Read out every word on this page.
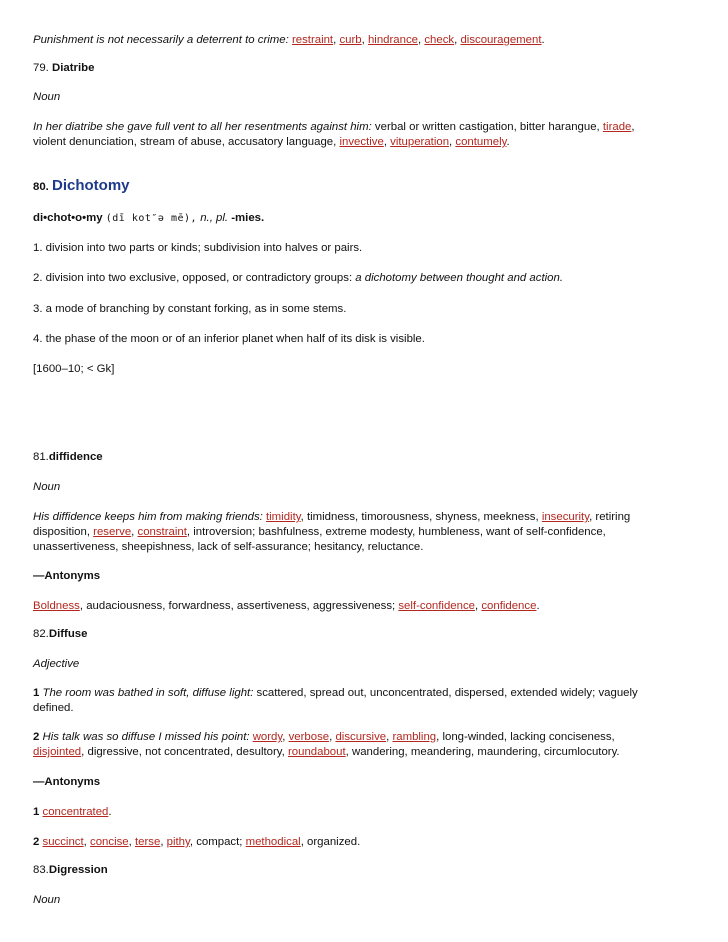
Punishment is not necessarily a deterrent to crime: restraint, curb, hindrance, check, discouragement.
79. Diatribe
Noun
In her diatribe she gave full vent to all her resentments against him: verbal or written castigation, bitter harangue, tirade,
violent denunciation, stream of abuse, accusatory language, invective, vituperation, contumely.
80. Dichotomy
di•chot•o•my (dī kot″ə mē), n., pl. -mies.
1. division into two parts or kinds; subdivision into halves or pairs.
2. division into two exclusive, opposed, or contradictory groups: a dichotomy between thought and action.
3. a mode of branching by constant forking, as in some stems.
4. the phase of the moon or of an inferior planet when half of its disk is visible.
[1600–10; < Gk]
81.diffidence
Noun
His diffidence keeps him from making friends: timidity, timidness, timorousness, shyness, meekness, insecurity, retiring
disposition, reserve, constraint, introversion; bashfulness, extreme modesty, humbleness, want of self-confidence,
unassertiveness, sheepishness, lack of self-assurance; hesitancy, reluctance.
—Antonyms
Boldness, audaciousness, forwardness, assertiveness, aggressiveness; self-confidence, confidence.
82.Diffuse
Adjective
1 The room was bathed in soft, diffuse light: scattered, spread out, unconcentrated, dispersed, extended widely; vaguely
defined.
2 His talk was so diffuse I missed his point: wordy, verbose, discursive, rambling, long-winded, lacking conciseness,
disjointed, digressive, not concentrated, desultory, roundabout, wandering, meandering, maundering, circumlocutory.
—Antonyms
1 concentrated.
2 succinct, concise, terse, pithy, compact; methodical, organized.
83.Digression
Noun
